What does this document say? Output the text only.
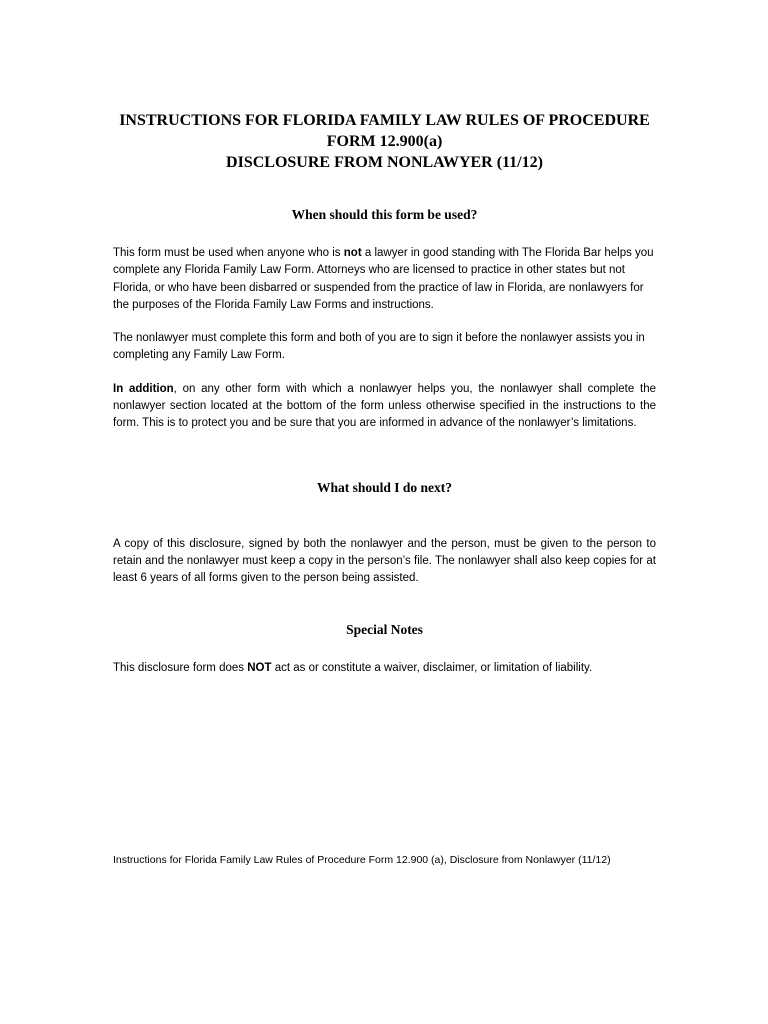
INSTRUCTIONS FOR FLORIDA FAMILY LAW RULES OF PROCEDURE
FORM 12.900(a)
DISCLOSURE FROM NONLAWYER (11/12)
When should this form be used?

This form must be used when anyone who is not a lawyer in good standing with The Florida Bar helps you complete any Florida Family Law Form. Attorneys who are licensed to practice in other states but not Florida, or who have been disbarred or suspended from the practice of law in Florida, are nonlawyers for the purposes of the Florida Family Law Forms and instructions.

The nonlawyer must complete this form and both of you are to sign it before the nonlawyer assists you in completing any Family Law Form.

In addition, on any other form with which a nonlawyer helps you, the nonlawyer shall complete the nonlawyer section located at the bottom of the form unless otherwise specified in the instructions to the form. This is to protect you and be sure that you are informed in advance of the nonlawyer’s limitations.

What should I do next?

A copy of this disclosure, signed by both the nonlawyer and the person, must be given to the person to retain and the nonlawyer must keep a copy in the person’s file. The nonlawyer shall also keep copies for at least 6 years of all forms given to the person being assisted.

Special Notes

This disclosure form does NOT act as or constitute a waiver, disclaimer, or limitation of liability.

Instructions for Florida Family Law Rules of Procedure Form 12.900 (a), Disclosure from Nonlawyer (11/12)
